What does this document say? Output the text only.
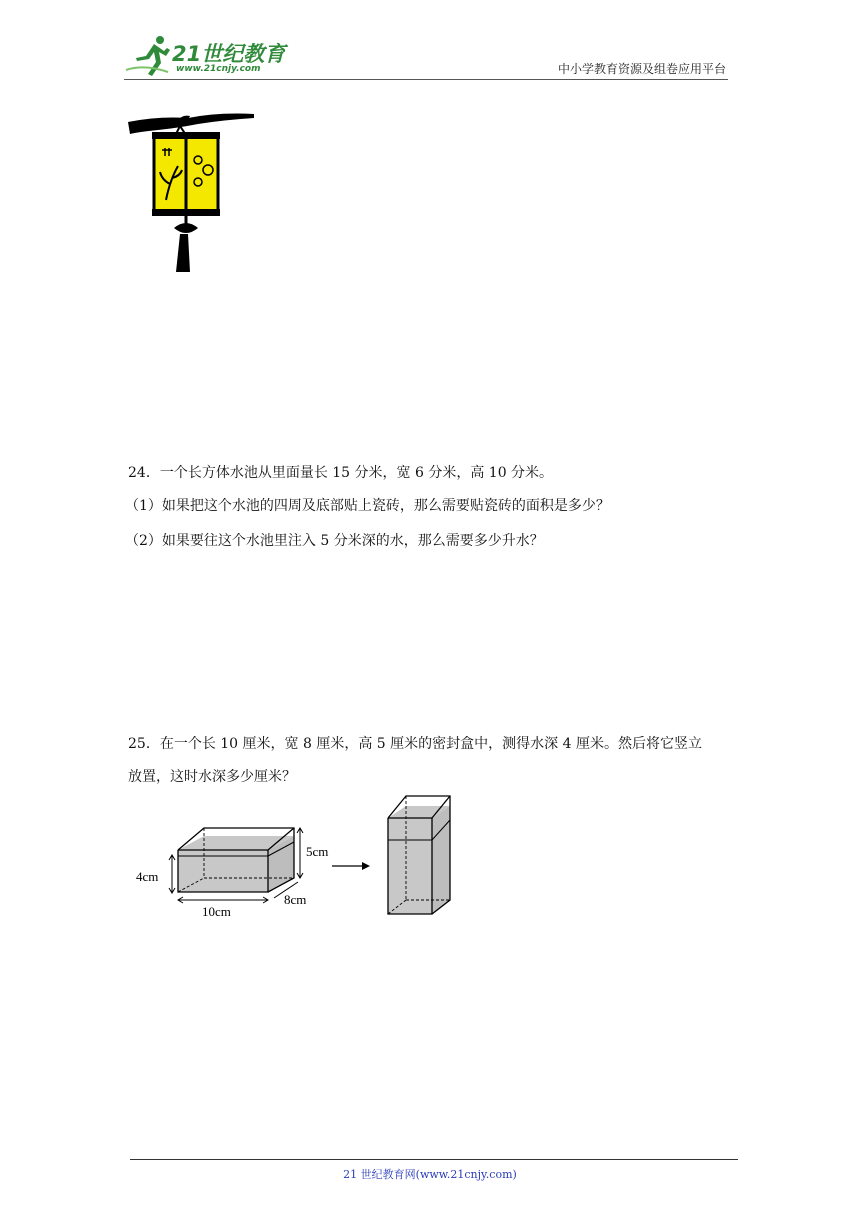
21世纪教育
www.21cnjy.com	中小学教育资源及组卷应用平台
24．一个长方体水池从里面量长 15 分米，宽 6 分米，高 10 分米。
（1）如果把这个水池的四周及底部贴上瓷砖，那么需要贴瓷砖的面积是多少？
（2）如果要往这个水池里注入 5 分米深的水，那么需要多少升水？
25．在一个长 10 厘米，宽 8 厘米，高 5 厘米的密封盒中，测得水深 4 厘米。然后将它竖立
放置，这时水深多少厘米？
5cm
4cm
10cm
8cm
21 世纪教育网(www.21cnjy.com)
